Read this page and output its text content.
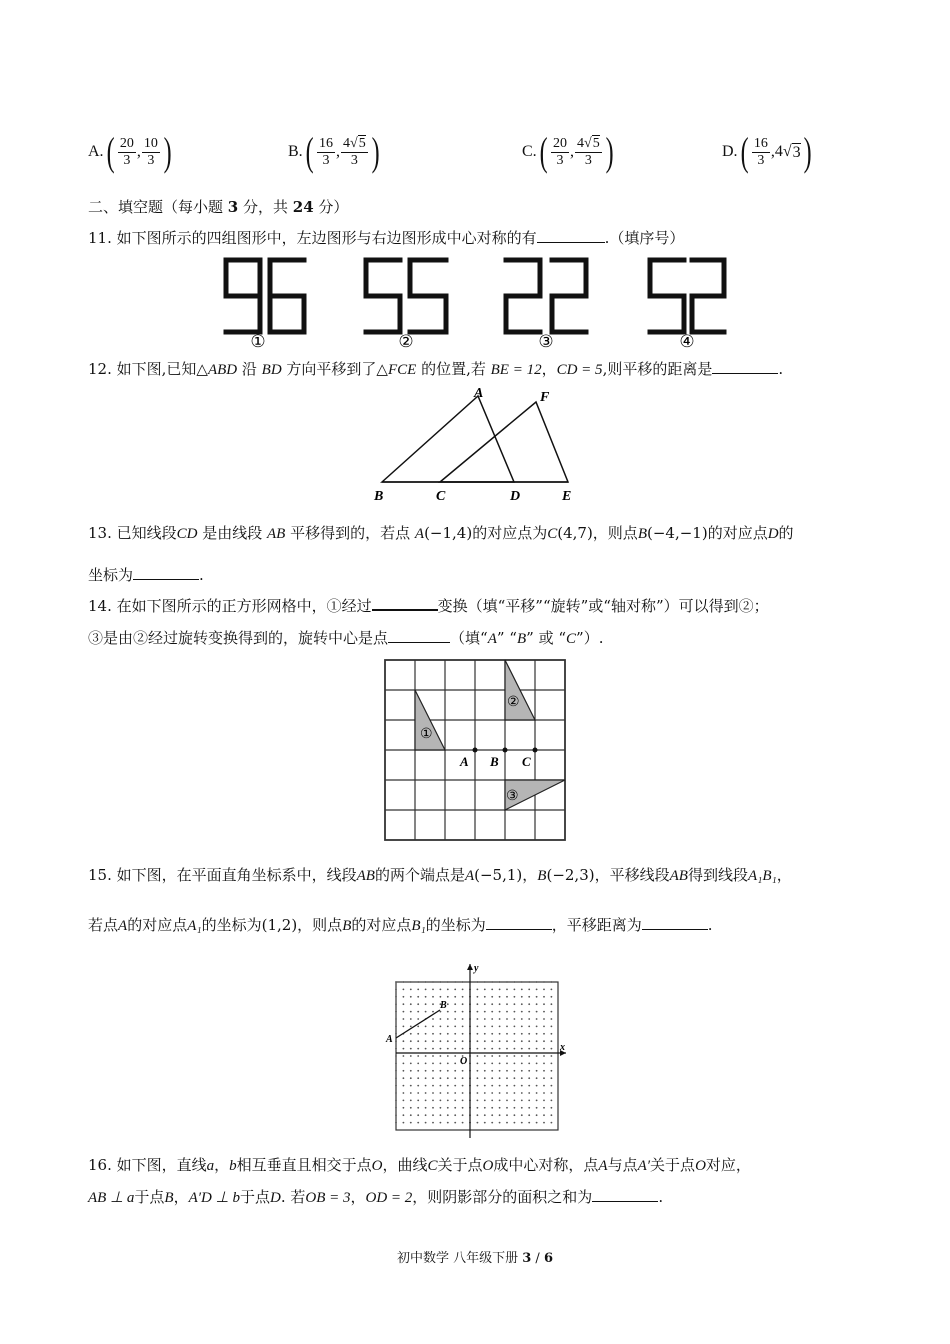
A. ( $\frac{20}{3}$ , $\frac{10}{3}$ )	B. ( $\frac{16}{3}$ , $\frac{4√5}{3}$ )	C. ( $\frac{20}{3}$ , $\frac{4√5}{3}$ )	D. ( $\frac{16}{3}$ , 4 √ 3 )
二、填空题（每小题 3 分，共 24 分）
11. 如下图所示的四组图形中，左边图形与右边图形成中心对称的有	.（填序号）
①	②	③	④
12. 如下图,已知△ABD 沿 BD 方向平移到了△FCE 的位置,若 BE = 12，CD = 5,则平移的距离是	.
A	F
B	C	D	E
13. 已知线段CD 是由线段 AB 平移得到的，若点 A(−1,4)的对应点为C(4,7)，则点B(−4,−1)的对应点D的
坐标为	.
14. 在如下图所示的正方形网格中，①经过	变换（填“平移”“旋转”或“轴对称”）可以得到②；
③是由②经过旋转变换得到的，旋转中心是点	（填“A” “B” 或 “C”）.
①
②
③
A B C
15. 如下图，在平面直角坐标系中，线段AB的两个端点是A(−5,1)，B(−2,3)，平移线段AB得到线段A₁B₁，
若点A的对应点A₁的坐标为(1,2)，则点B的对应点B₁的坐标为	，平移距离为	.
y
x
O
A
B
16. 如下图，直线a，b相互垂直且相交于点O，曲线C关于点O成中心对称，点A与点A′关于点O对应，
AB ⊥ a于点B，A′D ⊥ b于点D. 若OB = 3，OD = 2，则阴影部分的面积之和为	.
初中数学 八年级下册 3 / 6
